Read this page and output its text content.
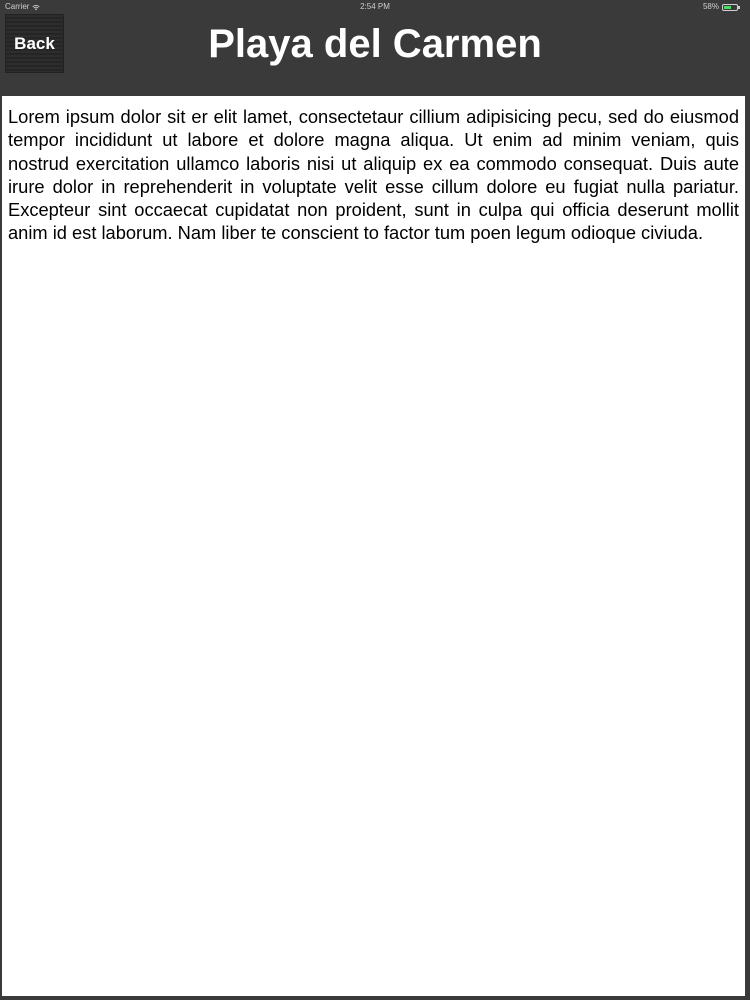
Carrier	2:54 PM	58%
Back	Playa del Carmen

Lorem ipsum dolor sit er elit lamet, consectetaur cillium adipisicing pecu, sed do eiusmod tempor incididunt ut labore et dolore magna aliqua. Ut enim ad minim veniam, quis nostrud exercitation ullamco laboris nisi ut aliquip ex ea commodo consequat. Duis aute irure dolor in reprehenderit in voluptate velit esse cillum dolore eu fugiat nulla pariatur. Excepteur sint occaecat cupidatat non proident, sunt in culpa qui officia deserunt mollit anim id est laborum. Nam liber te conscient to factor tum poen legum odioque civiuda.
